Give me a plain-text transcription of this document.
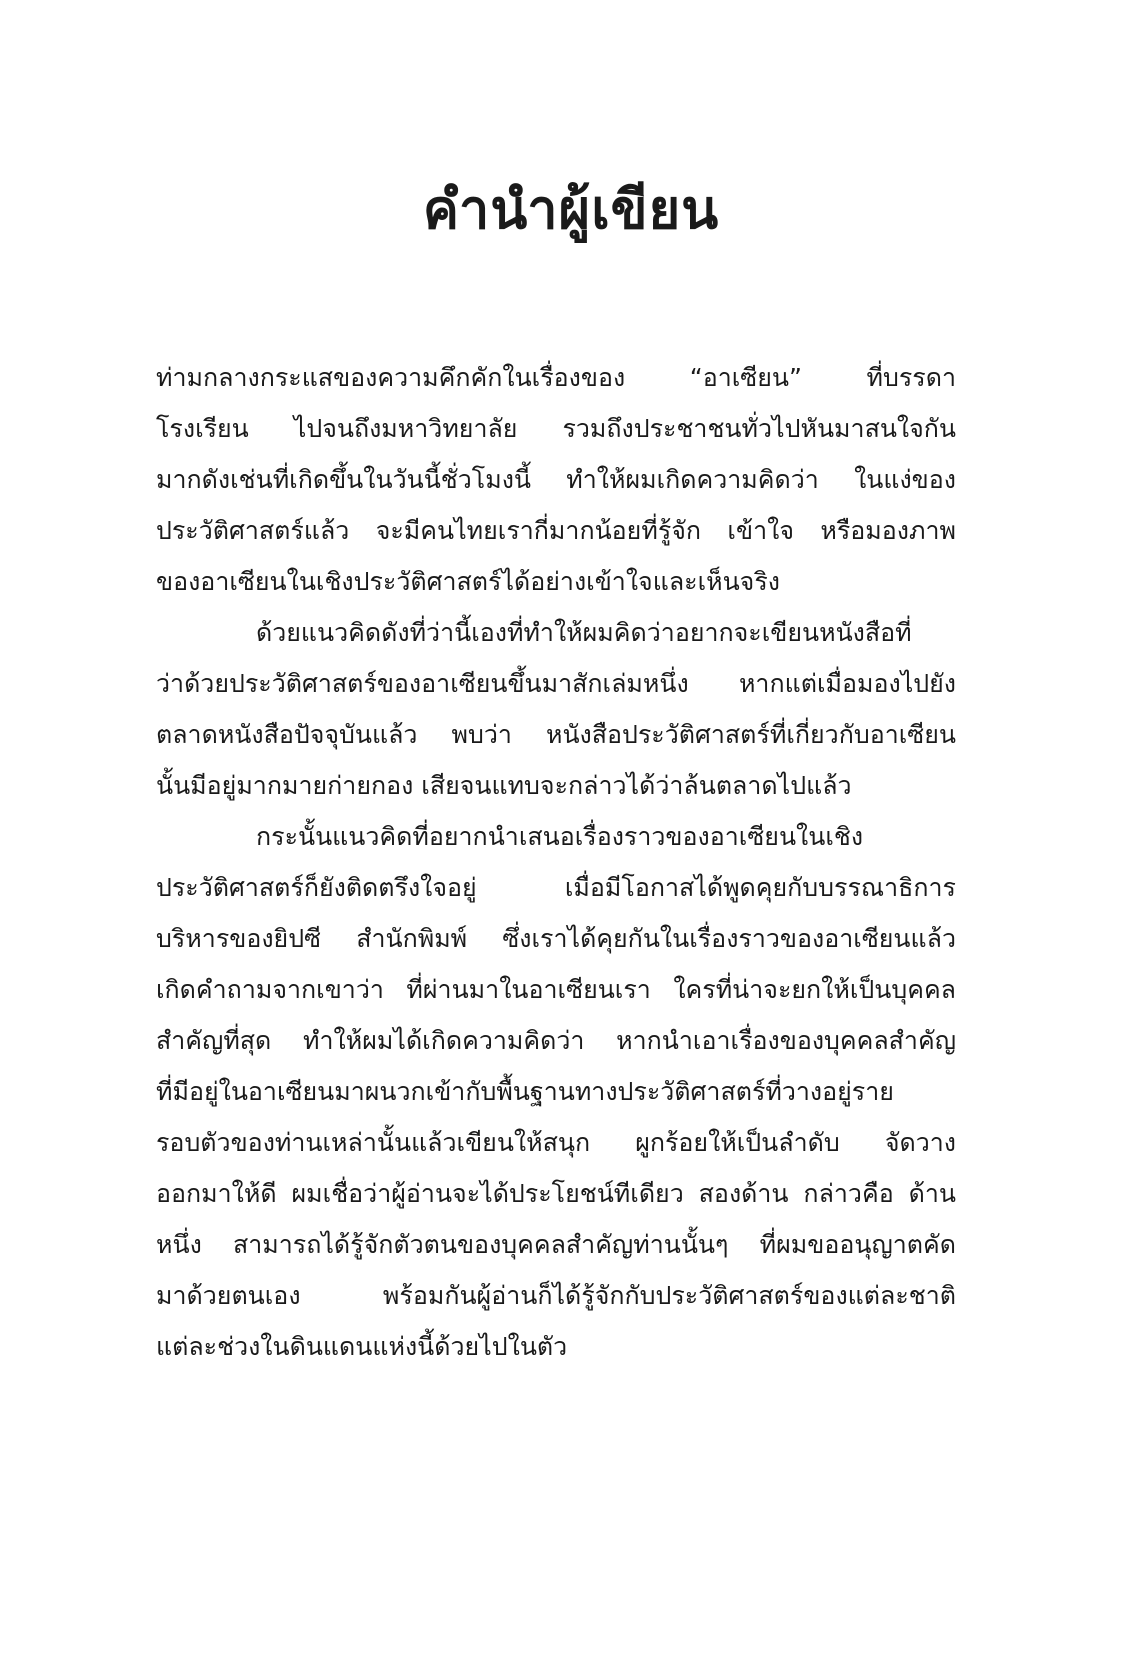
คำนำผู้เขียน
ท่ามกลางกระแสของความคึกคักในเรื่องของ “อาเซียน” ที่บรรดา
โรงเรียน ไปจนถึงมหาวิทยาลัย รวมถึงประชาชนทั่วไปหันมาสนใจกัน
มากดังเช่นที่เกิดขึ้นในวันนี้ชั่วโมงนี้ ทำให้ผมเกิดความคิดว่า ในแง่ของ
ประวัติศาสตร์แล้ว จะมีคนไทยเรากี่มากน้อยที่รู้จัก เข้าใจ หรือมองภาพ
ของอาเซียนในเชิงประวัติศาสตร์ได้อย่างเข้าใจและเห็นจริง
ด้วยแนวคิดดังที่ว่านี้เองที่ทำให้ผมคิดว่าอยากจะเขียนหนังสือที่
ว่าด้วยประวัติศาสตร์ของอาเซียนขึ้นมาสักเล่มหนึ่ง หากแต่เมื่อมองไปยัง
ตลาดหนังสือปัจจุบันแล้ว พบว่า หนังสือประวัติศาสตร์ที่เกี่ยวกับอาเซียน
นั้นมีอยู่มากมายก่ายกอง เสียจนแทบจะกล่าวได้ว่าล้นตลาดไปแล้ว
กระนั้นแนวคิดที่อยากนำเสนอเรื่องราวของอาเซียนในเชิง
ประวัติศาสตร์ก็ยังติดตรึงใจอยู่ เมื่อมีโอกาสได้พูดคุยกับบรรณาธิการ
บริหารของยิปซี สำนักพิมพ์ ซึ่งเราได้คุยกันในเรื่องราวของอาเซียนแล้ว
เกิดคำถามจากเขาว่า ที่ผ่านมาในอาเซียนเรา ใครที่น่าจะยกให้เป็นบุคคล
สำคัญที่สุด ทำให้ผมได้เกิดความคิดว่า หากนำเอาเรื่องของบุคคลสำคัญ
ที่มีอยู่ในอาเซียนมาผนวกเข้ากับพื้นฐานทางประวัติศาสตร์ที่วางอยู่ราย
รอบตัวของท่านเหล่านั้นแล้วเขียนให้สนุก ผูกร้อยให้เป็นลำดับ จัดวาง
ออกมาให้ดี ผมเชื่อว่าผู้อ่านจะได้ประโยชน์ทีเดียว สองด้าน กล่าวคือ ด้าน
หนึ่ง สามารถได้รู้จักตัวตนของบุคคลสำคัญท่านนั้นๆ ที่ผมขออนุญาตคัด
มาด้วยตนเอง พร้อมกันผู้อ่านก็ได้รู้จักกับประวัติศาสตร์ของแต่ละชาติ
แต่ละช่วงในดินแดนแห่งนี้ด้วยไปในตัว
